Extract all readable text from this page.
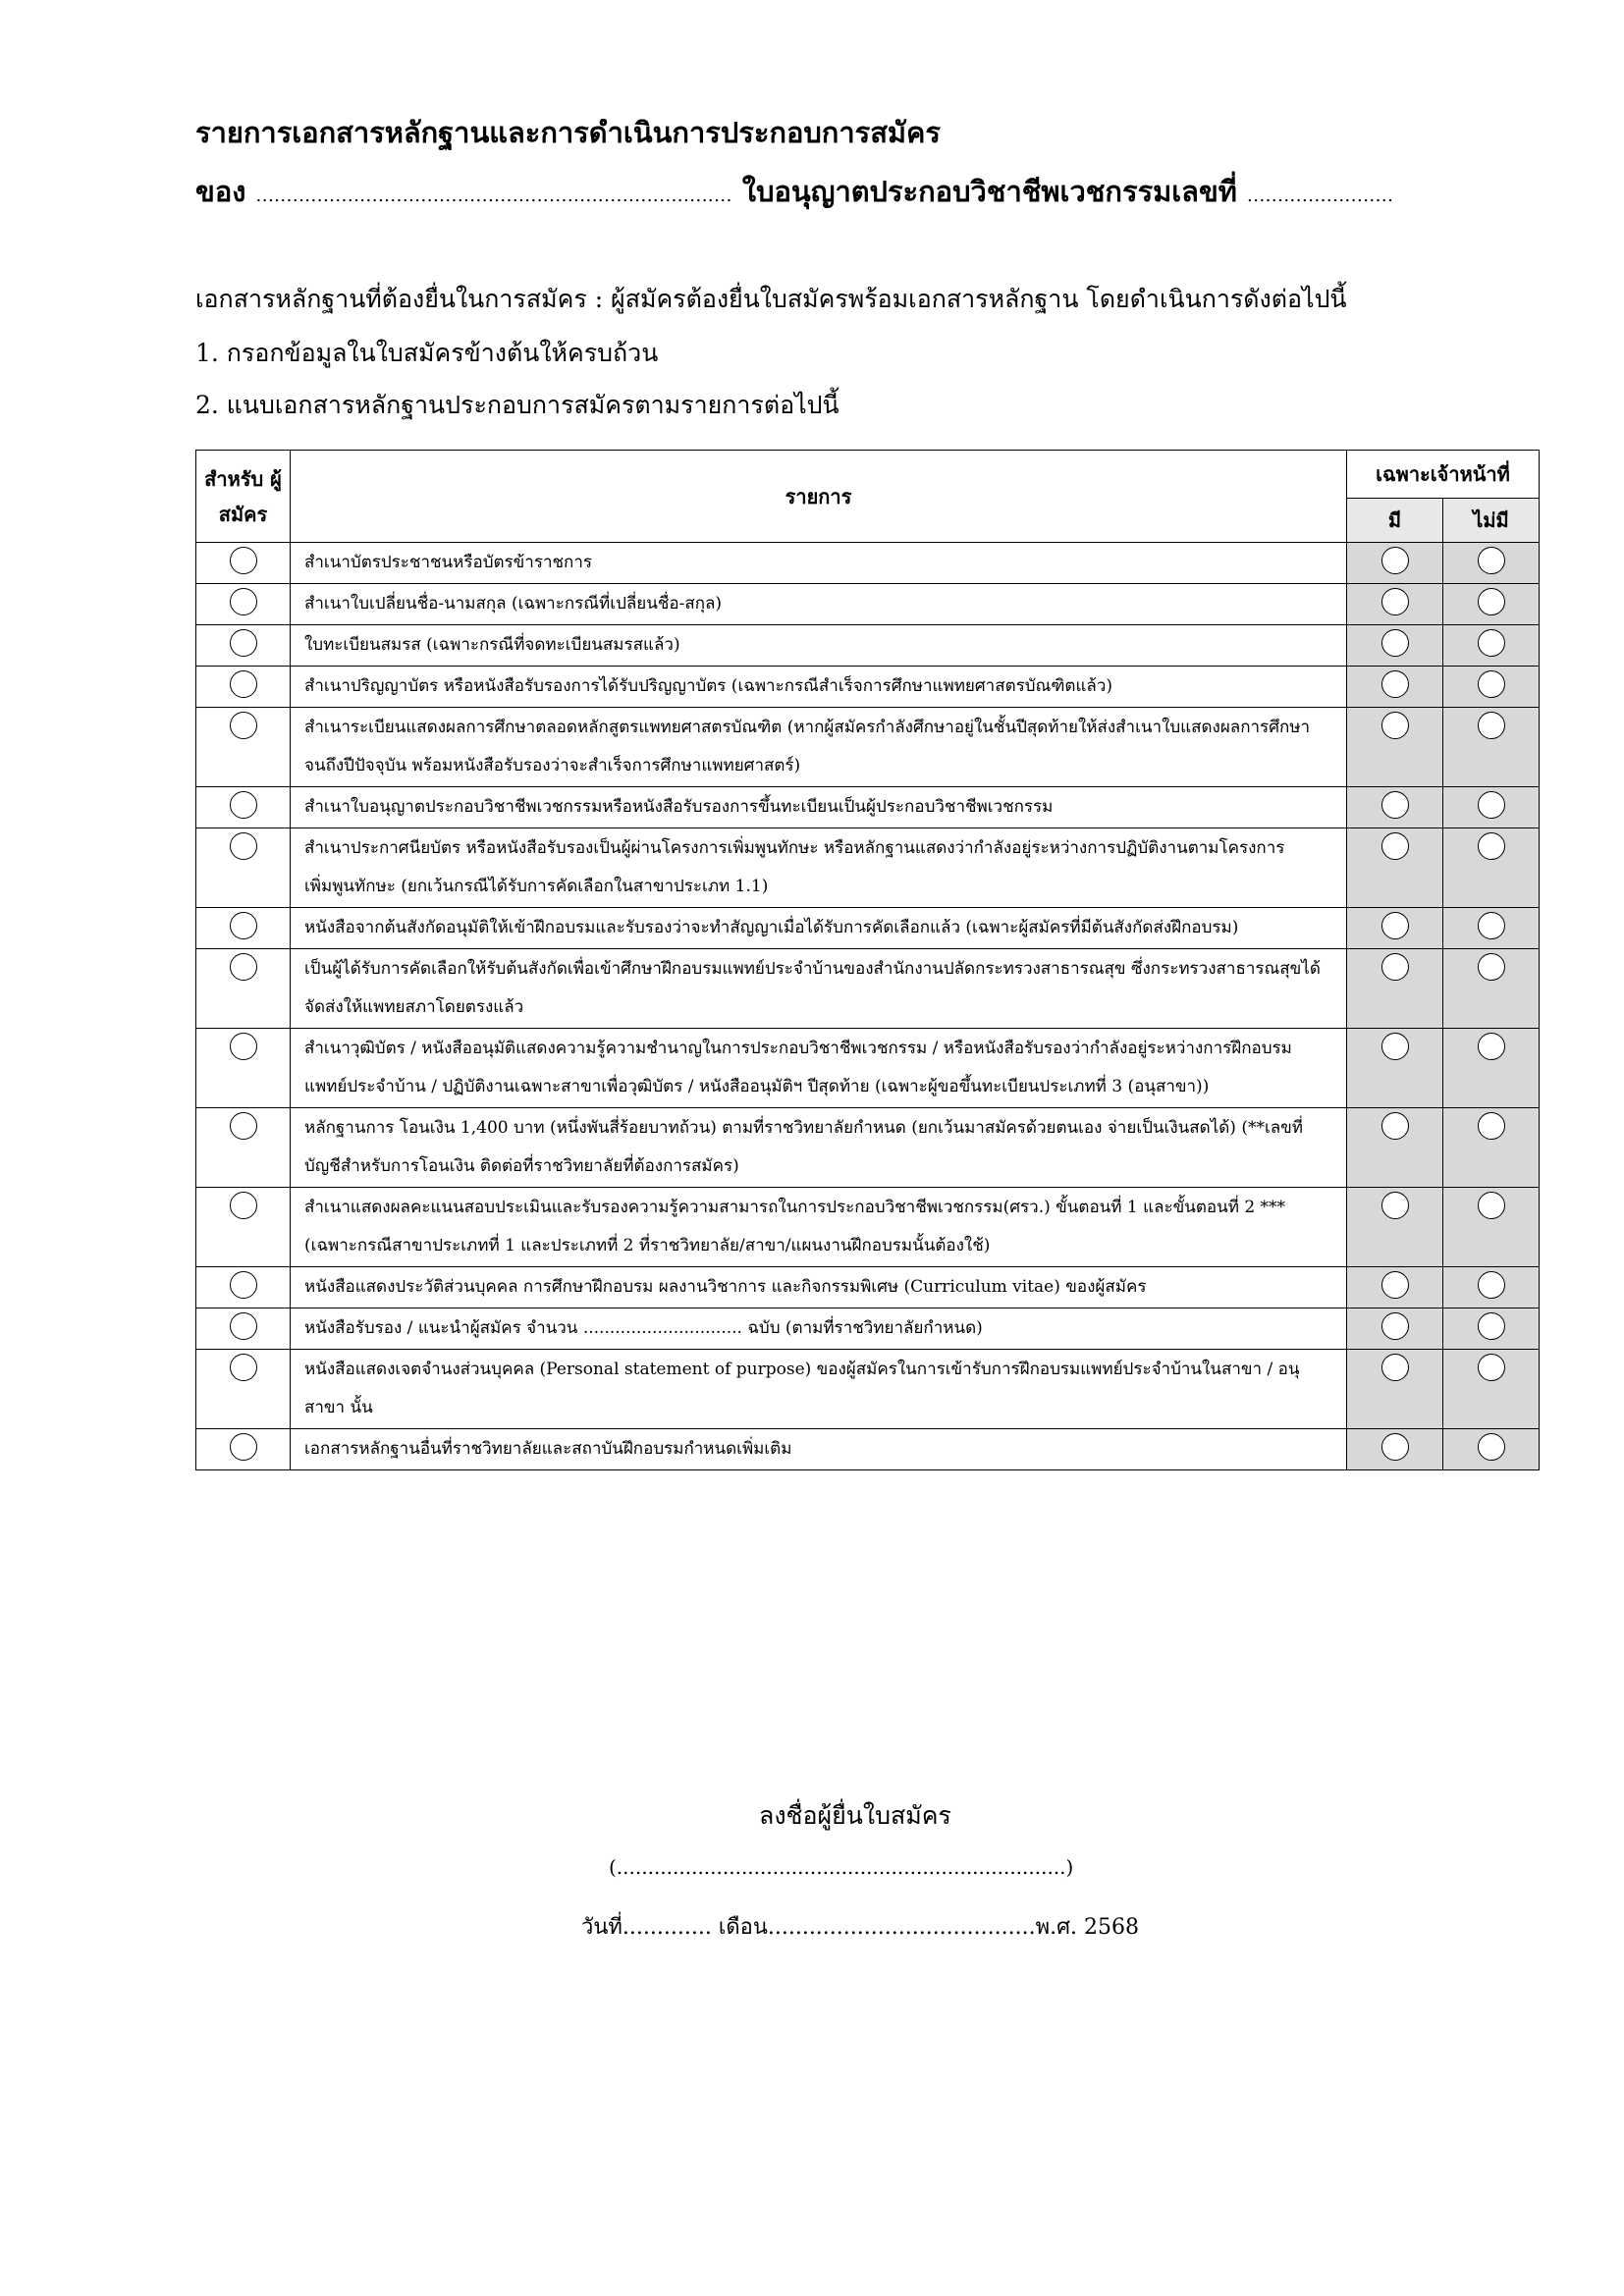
รายการเอกสารหลักฐานและการดำเนินการประกอบการสมัคร
ของ .............................................................................. ใบอนุญาตประกอบวิชาชีพเวชกรรมเลขที่ ........................
เอกสารหลักฐานที่ต้องยื่นในการสมัคร : ผู้สมัครต้องยื่นใบสมัครพร้อมเอกสารหลักฐาน โดยดำเนินการดังต่อไปนี้
1. กรอกข้อมูลในใบสมัครข้างต้นให้ครบถ้วน
2. แนบเอกสารหลักฐานประกอบการสมัครตามรายการต่อไปนี้
สำหรับ ผู้สมัคร	รายการ	เฉพาะเจ้าหน้าที่	
		มี	ไม่มี
	สำเนาบัตรประชาชนหรือบัตรข้าราชการ		
	สำเนาใบเปลี่ยนชื่อ-นามสกุล (เฉพาะกรณีที่เปลี่ยนชื่อ-สกุล)		
	ใบทะเบียนสมรส (เฉพาะกรณีที่จดทะเบียนสมรสแล้ว)		
	สำเนาปริญญาบัตร หรือหนังสือรับรองการได้รับปริญญาบัตร (เฉพาะกรณีสำเร็จการศึกษาแพทยศาสตรบัณฑิตแล้ว)		
	สำเนาระเบียนแสดงผลการศึกษาตลอดหลักสูตรแพทยศาสตรบัณฑิต (หากผู้สมัครกำลังศึกษาอยู่ในชั้นปีสุดท้ายให้ส่งสำเนาใบแสดงผลการศึกษาจนถึงปีปัจจุบัน พร้อมหนังสือรับรองว่าจะสำเร็จการศึกษาแพทยศาสตร์)		
	สำเนาใบอนุญาตประกอบวิชาชีพเวชกรรมหรือหนังสือรับรองการขึ้นทะเบียนเป็นผู้ประกอบวิชาชีพเวชกรรม		
	สำเนาประกาศนียบัตร หรือหนังสือรับรองเป็นผู้ผ่านโครงการเพิ่มพูนทักษะ หรือหลักฐานแสดงว่ากำลังอยู่ระหว่างการปฏิบัติงานตามโครงการเพิ่มพูนทักษะ (ยกเว้นกรณีได้รับการคัดเลือกในสาขาประเภท 1.1)		
	หนังสือจากต้นสังกัดอนุมัติให้เข้าฝึกอบรมและรับรองว่าจะทำสัญญาเมื่อได้รับการคัดเลือกแล้ว (เฉพาะผู้สมัครที่มีต้นสังกัดส่งฝึกอบรม)		
	เป็นผู้ได้รับการคัดเลือกให้รับต้นสังกัดเพื่อเข้าศึกษาฝึกอบรมแพทย์ประจำบ้านของสำนักงานปลัดกระทรวงสาธารณสุข ซึ่งกระทรวงสาธารณสุขได้จัดส่งให้แพทยสภาโดยตรงแล้ว		
	สำเนาวุฒิบัตร / หนังสืออนุมัติแสดงความรู้ความชำนาญในการประกอบวิชาชีพเวชกรรม / หรือหนังสือรับรองว่ากำลังอยู่ระหว่างการฝึกอบรมแพทย์ประจำบ้าน / ปฏิบัติงานเฉพาะสาขาเพื่อวุฒิบัตร / หนังสืออนุมัติฯ ปีสุดท้าย (เฉพาะผู้ขอขึ้นทะเบียนประเภทที่ 3 (อนุสาขา))		
	หลักฐานการ โอนเงิน 1,400 บาท (หนึ่งพันสี่ร้อยบาทถ้วน) ตามที่ราชวิทยาลัยกำหนด (ยกเว้นมาสมัครด้วยตนเอง จ่ายเป็นเงินสดได้) (**เลขที่บัญชีสำหรับการโอนเงิน ติดต่อที่ราชวิทยาลัยที่ต้องการสมัคร)		
	สำเนาแสดงผลคะแนนสอบประเมินและรับรองความรู้ความสามารถในการประกอบวิชาชีพเวชกรรม(ศรว.) ขั้นตอนที่ 1 และขั้นตอนที่ 2 *** (เฉพาะกรณีสาขาประเภทที่ 1 และประเภทที่ 2 ที่ราชวิทยาลัย/สาขา/แผนงานฝึกอบรมนั้นต้องใช้)		
	หนังสือแสดงประวัติส่วนบุคคล การศึกษาฝึกอบรม ผลงานวิชาการ และกิจกรรมพิเศษ (Curriculum vitae) ของผู้สมัคร		
	หนังสือรับรอง / แนะนำผู้สมัคร จำนวน .............................. ฉบับ (ตามที่ราชวิทยาลัยกำหนด)		
	หนังสือแสดงเจตจำนงส่วนบุคคล (Personal statement of purpose) ของผู้สมัครในการเข้ารับการฝึกอบรมแพทย์ประจำบ้านในสาขา / อนุสาขา นั้น		
	เอกสารหลักฐานอื่นที่ราชวิทยาลัยและสถาบันฝึกอบรมกำหนดเพิ่มเติม		
ลงชื่อผู้ยื่นใบสมัคร
(........................................................................)
วันที่............. เดือน.......................................พ.ศ. 2568
